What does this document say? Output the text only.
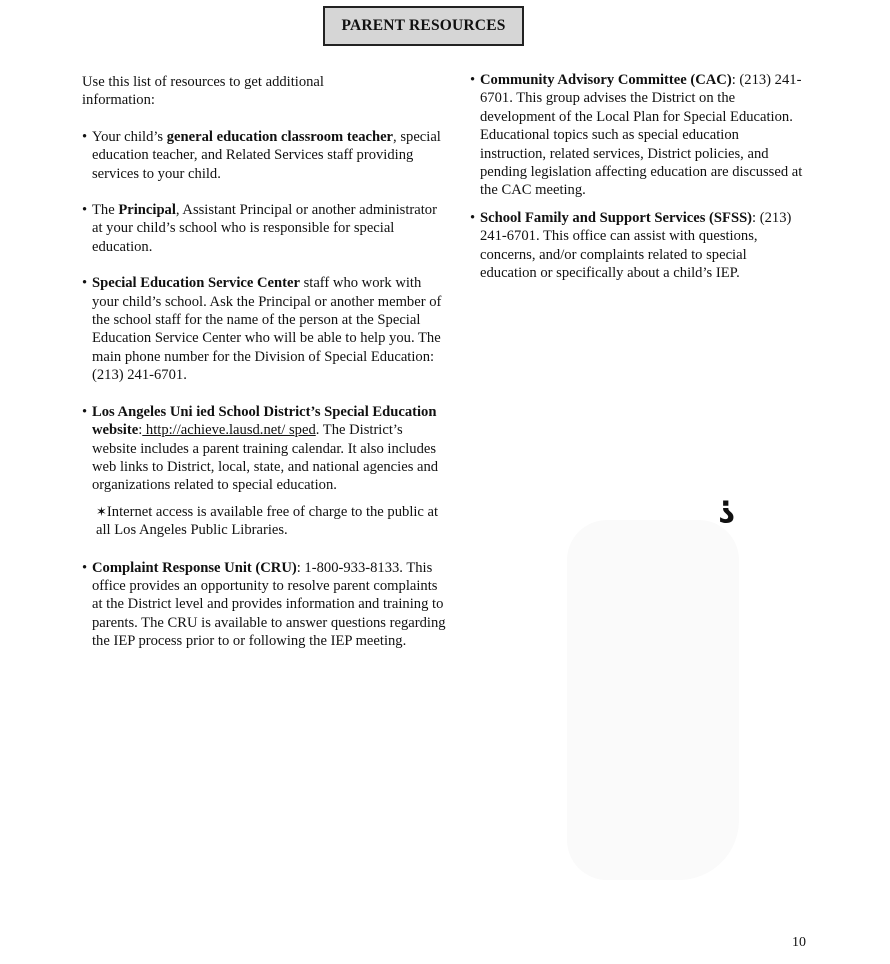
PARENT RESOURCES
Use this list of resources to get additional
information:
• Your child’s general education classroom teacher, special education teacher, and Related Services staff providing services to your child.
• The Principal, Assistant Principal or another administrator at your child’s school who is responsible for special education.
• Special Education Service Center staff who work with your child’s school. Ask the Principal or another member of the school staff for the name of the person at the Special Education Service Center who will be able to help you. The main phone number for the Division of Special Education: (213) 241-6701.
• Los Angeles Uni ied School District’s Special Education website: http://achieve.lausd.net/ sped. The District’s website includes a parent training calendar. It also includes web links to District, local, state, and national agencies and organizations related to special education.
✶Internet access is available free of charge to the public at all Los Angeles Public Libraries.
• Complaint Response Unit (CRU): 1-800-933-8133. This office provides an opportunity to resolve parent complaints at the District level and provides information and training to parents. The CRU is available to answer questions regarding the IEP process prior to or following the IEP meeting.
• Community Advisory Committee (CAC): (213) 241-6701. This group advises the District on the development of the Local Plan for Special Education. Educational topics such as special education instruction, related services, District policies, and pending legislation affecting education are discussed at the CAC meeting.
• School Family and Support Services (SFSS): (213) 241-6701. This office can assist with questions, concerns, and/or complaints related to special education or specifically about a child’s IEP.
?
10
